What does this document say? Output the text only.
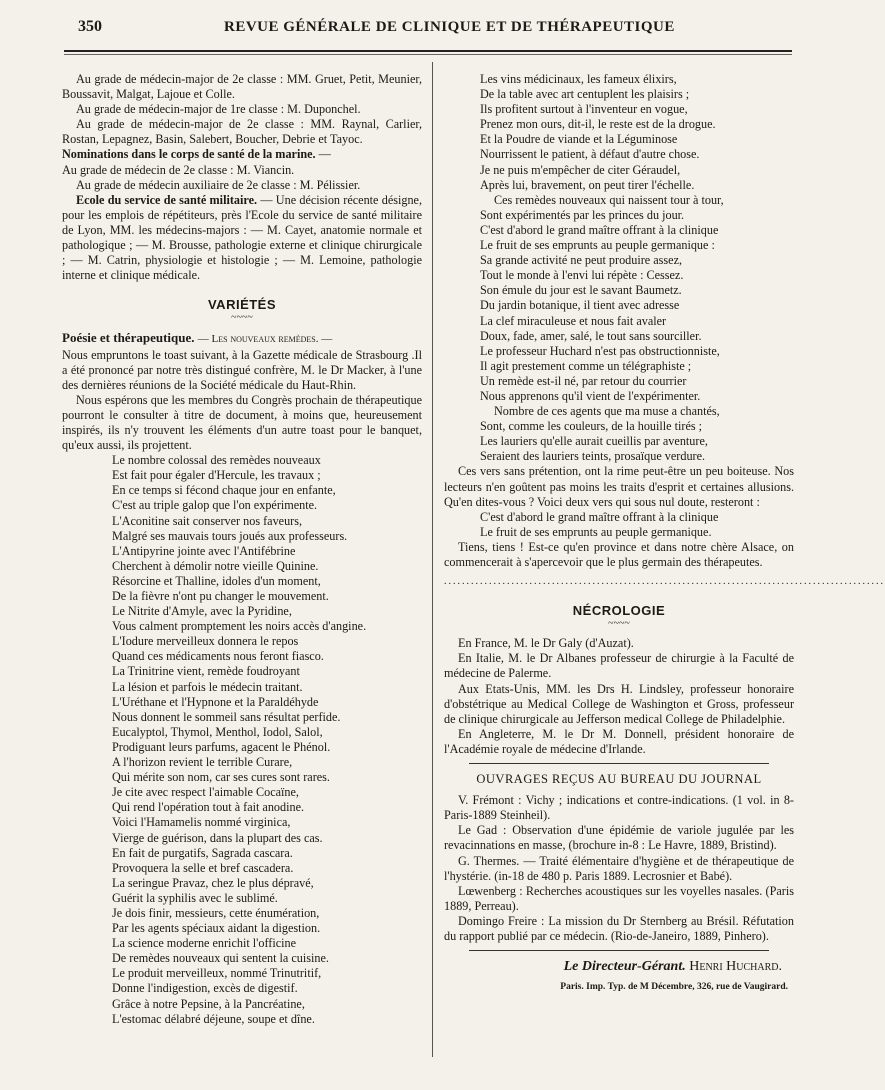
350	REVUE GÉNÉRALE DE CLINIQUE ET DE THÉRAPEUTIQUE

Au grade de médecin-major de 2e classe : MM. Gruet, Petit, Meunier, Boussavit, Malgat, Lajoue et Colle.

Au grade de médecin-major de 1re classe : M. Duponchel.

Au grade de médecin-major de 2e classe : MM. Raynal, Carlier, Rostan, Lepagnez, Basin, Salebert, Boucher, Debrie et Tayoc.

Nominations dans le corps de santé de la marine. —

Au grade de médecin de 2e classe : M. Viancin.

Au grade de médecin auxiliaire de 2e classe : M. Pélissier.

Ecole du service de santé militaire. — Une décision récente désigne, pour les emplois de répétiteurs, près l'Ecole du service de santé militaire de Lyon, MM. les médecins-majors : — M. Cayet, anatomie normale et pathologique ; — M. Brousse, pathologie externe et clinique chirurgicale ; — M. Catrin, physiologie et histologie ; — M. Lemoine, pathologie interne et clinique médicale.

VARIÉTÉS
~~~~

Poésie et thérapeutique. — Les nouveaux remèdes. —

Nous empruntons le toast suivant, à la Gazette médicale de Strasbourg .Il a été prononcé par notre très distingué confrère, M. le Dr Macker, à l'une des dernières réunions de la Société médicale du Haut-Rhin.

Nous espérons que les membres du Congrès prochain de thérapeutique pourront le consulter à titre de document, à moins que, heureusement inspirés, ils n'y trouvent les éléments d'un autre toast pour le banquet, qu'eux aussi, ils projettent.

Le nombre colossal des remèdes nouveaux
Est fait pour égaler d'Hercule, les travaux ;
En ce temps si fécond chaque jour en enfante,
C'est au triple galop que l'on expérimente.
L'Aconitine sait conserver nos faveurs,
Malgré ses mauvais tours joués aux professeurs.
L'Antipyrine jointe avec l'Antifébrine
Cherchent à démolir notre vieille Quinine.
Résorcine et Thalline, idoles d'un moment,
De la fièvre n'ont pu changer le mouvement.
Le Nitrite d'Amyle, avec la Pyridine,
Vous calment promptement les noirs accès d'angine.
L'Iodure merveilleux donnera le repos
Quand ces médicaments nous feront fiasco.
La Trinitrine vient, remède foudroyant
La lésion et parfois le médecin traitant.
L'Uréthane et l'Hypnone et la Paraldéhyde
Nous donnent le sommeil sans résultat perfide.
Eucalyptol, Thymol, Menthol, Iodol, Salol,
Prodiguant leurs parfums, agacent le Phénol.
A l'horizon revient le terrible Curare,
Qui mérite son nom, car ses cures sont rares.
Je cite avec respect l'aimable Cocaïne,
Qui rend l'opération tout à fait anodine.
Voici l'Hamamelis nommé virginica,
Vierge de guérison, dans la plupart des cas.
En fait de purgatifs, Sagrada cascara.
Provoquera la selle et bref cascadera.
La seringue Pravaz, chez le plus dépravé,
Guérit la syphilis avec le sublimé.
Je dois finir, messieurs, cette énumération,
Par les agents spéciaux aidant la digestion.
La science moderne enrichit l'officine
De remèdes nouveaux qui sentent la cuisine.
Le produit merveilleux, nommé Trinutritif,
Donne l'indigestion, excès de digestif.
Grâce à notre Pepsine, à la Pancréatine,
L'estomac délabré déjeune, soupe et dîne.
Les vins médicinaux, les fameux élixirs,
De la table avec art centuplent les plaisirs ;
Ils profitent surtout à l'inventeur en vogue,
Prenez mon ours, dit-il, le reste est de la drogue.
Et la Poudre de viande et la Léguminose
Nourrissent le patient, à défaut d'autre chose.
Je ne puis m'empêcher de citer Géraudel,
Après lui, bravement, on peut tirer l'échelle.
Ces remèdes nouveaux qui naissent tour à tour,
Sont expérimentés par les princes du jour.
C'est d'abord le grand maître offrant à la clinique
Le fruit de ses emprunts au peuple germanique :
Sa grande activité ne peut produire assez,
Tout le monde à l'envi lui répète : Cessez.
Son émule du jour est le savant Baumetz.
Du jardin botanique, il tient avec adresse
La clef miraculeuse et nous fait avaler
Doux, fade, amer, salé, le tout sans sourciller.
Le professeur Huchard n'est pas obstructionniste,
Il agit prestement comme un télégraphiste ;
Un remède est-il né, par retour du courrier
Nous apprenons qu'il vient de l'expérimenter.
Nombre de ces agents que ma muse a chantés,
Sont, comme les couleurs, de la houille tirés ;
Les lauriers qu'elle aurait cueillis par aventure,
Seraient des lauriers teints, prosaïque verdure.

Ces vers sans prétention, ont la rime peut-être un peu boiteuse. Nos lecteurs n'en goûtent pas moins les traits d'esprit et certaines allusions. Qu'en dites-vous ? Voici deux vers qui sous nul doute, resteront :

C'est d'abord le grand maître offrant à la clinique
Le fruit de ses emprunts au peuple germanique.

Tiens, tiens ! Est-ce qu'en province et dans notre chère Alsace, on commencerait à s'apercevoir que le plus germain des thérapeutes.

..................................................................................................
NÉCROLOGIE
~~~~

En France, M. le Dr Galy (d'Auzat).

En Italie, M. le Dr Albanes professeur de chirurgie à la Faculté de médecine de Palerme.

Aux Etats-Unis, MM. les Drs H. Lindsley, professeur honoraire d'obstétrique au Medical College de Washington et Gross, professeur de clinique chirurgicale au Jefferson medical College de Philadelphie.

En Angleterre, M. le Dr M. Donnell, président honoraire de l'Académie royale de médecine d'Irlande.

OUVRAGES REÇUS AU BUREAU DU JOURNAL

V. Frémont : Vichy ; indications et contre-indications. (1 vol. in 8-Paris-1889 Steinheil).

Le Gad : Observation d'une épidémie de variole jugulée par les revacinnations en masse, (brochure in-8 : Le Havre, 1889, Bristind).

G. Thermes. — Traité élémentaire d'hygiène et de thérapeutique de l'hystérie. (in-18 de 480 p. Paris 1889. Lecrosnier et Babé).

Lœwenberg : Recherches acoustiques sur les voyelles nasales. (Paris 1889, Perreau).

Domingo Freire : La mission du Dr Sternberg au Brésil. Réfutation du rapport publié par ce médecin. (Rio-de-Janeiro, 1889, Pinhero).

Le Directeur-Gérant. Henri Huchard.
Paris. Imp. Typ. de M Décembre, 326, rue de Vaugirard.
